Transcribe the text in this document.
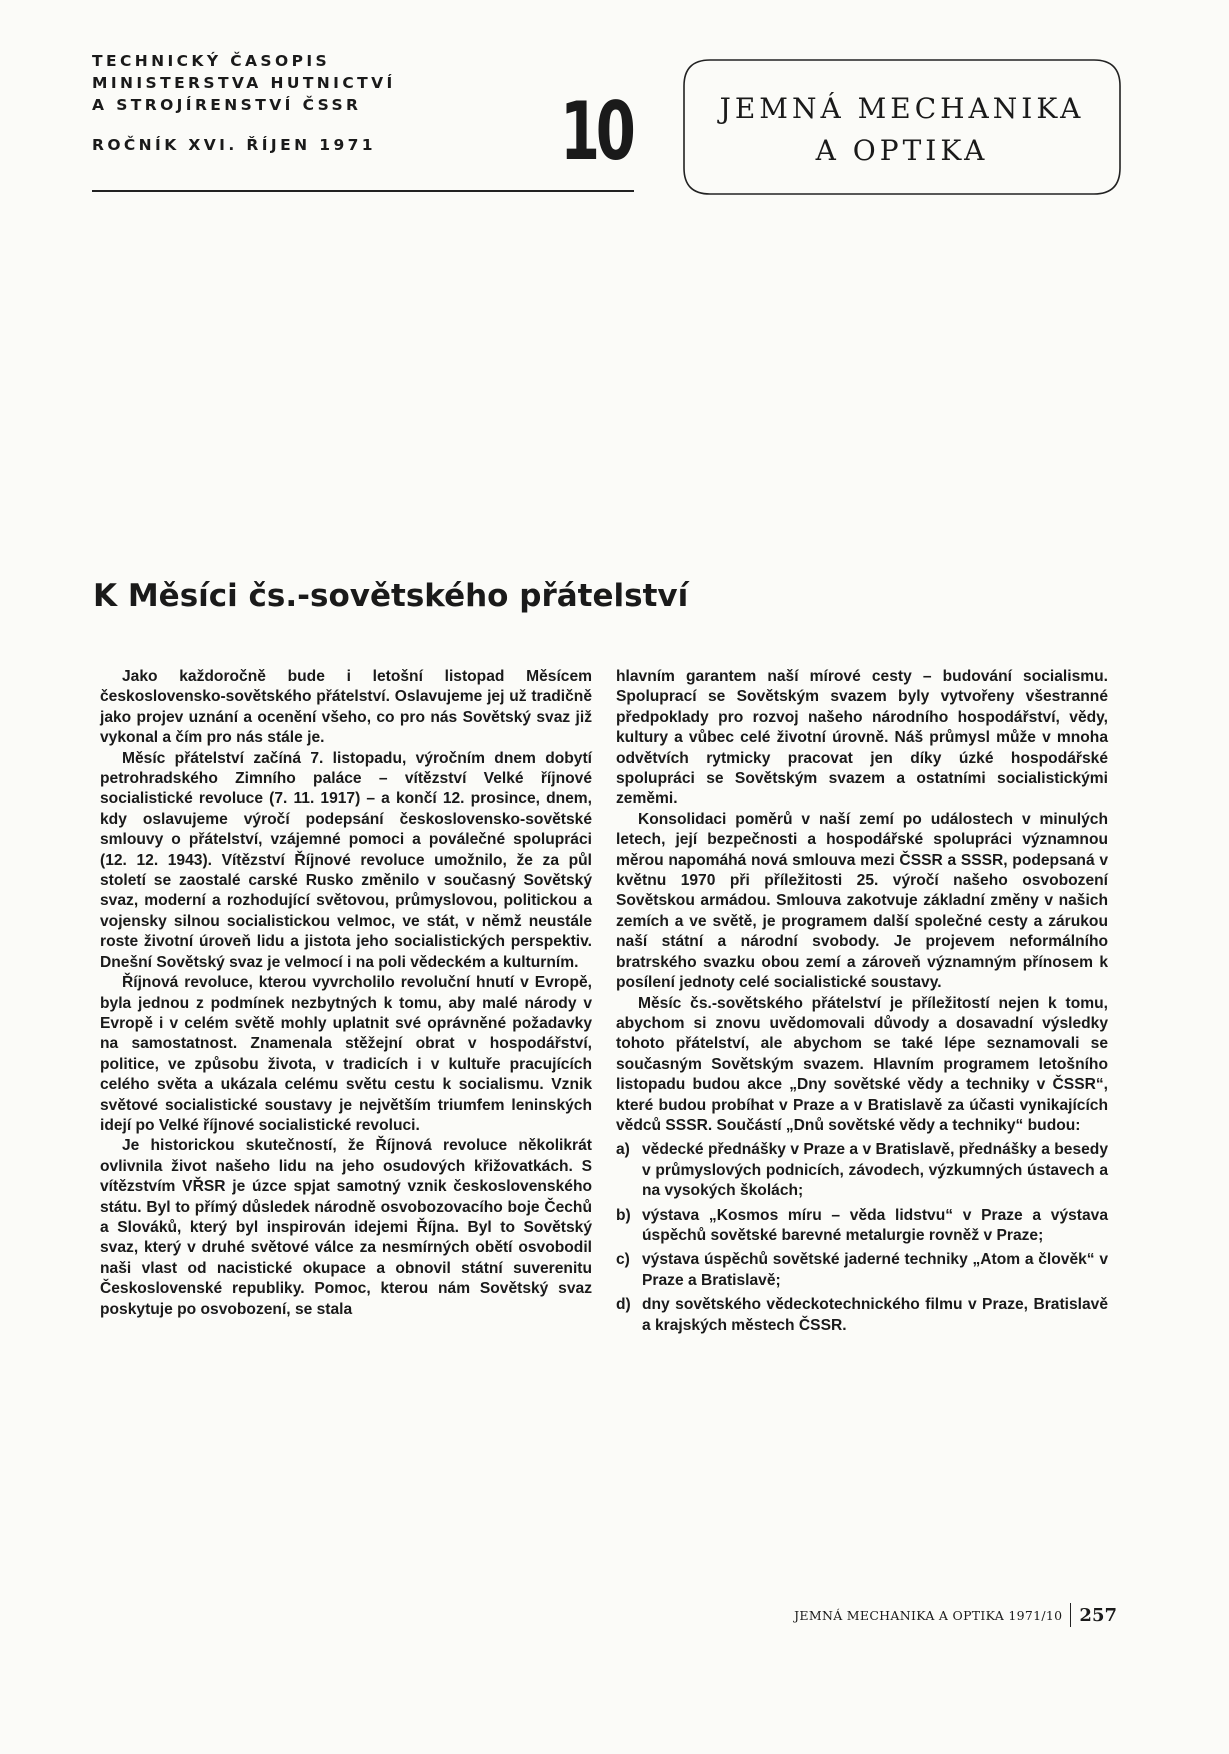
TECHNICKÝ ČASOPIS
MINISTERSTVA HUTNICTVÍ
A STROJÍRENSTVÍ ČSSR
ROČNÍK XVI. ŘÍJEN 1971	10	JEMNÁ MECHANIKA
A OPTIKA
K Měsíci čs.-sovětského přátelství

Jako každoročně bude i letošní listopad Měsícem československo-sovětského přátelství. Oslavujeme jej už tradičně jako projev uznání a ocenění všeho, co pro nás Sovětský svaz již vykonal a čím pro nás stále je.

Měsíc přátelství začíná 7. listopadu, výročním dnem dobytí petrohradského Zimního paláce – vítězství Velké říjnové socialistické revoluce (7. 11. 1917) – a končí 12. prosince, dnem, kdy oslavujeme výročí podepsání československo-sovětské smlouvy o přátelství, vzájemné pomoci a poválečné spolupráci (12. 12. 1943). Vítězství Říjnové revoluce umožnilo, že za půl století se zaostalé carské Rusko změnilo v současný Sovětský svaz, moderní a rozhodující světovou, průmyslovou, politickou a vojensky silnou socialistickou velmoc, ve stát, v němž neustále roste životní úroveň lidu a jistota jeho socialistických perspektiv. Dnešní Sovětský svaz je velmocí i na poli vědeckém a kulturním.

Říjnová revoluce, kterou vyvrcholilo revoluční hnutí v Evropě, byla jednou z podmínek nezbytných k tomu, aby malé národy v Evropě i v celém světě mohly uplatnit své oprávněné požadavky na samostatnost. Znamenala stěžejní obrat v hospodářství, politice, ve způsobu života, v tradicích i v kultuře pracujících celého světa a ukázala celému světu cestu k socialismu. Vznik světové socialistické soustavy je největším triumfem leninských idejí po Velké říjnové socialistické revoluci.

Je historickou skutečností, že Říjnová revoluce několikrát ovlivnila život našeho lidu na jeho osudových křižovatkách. S vítězstvím VŘSR je úzce spjat samotný vznik československého státu. Byl to přímý důsledek národně osvobozovacího boje Čechů a Slováků, který byl inspirován idejemi Října. Byl to Sovětský svaz, který v druhé světové válce za nesmírných obětí osvobodil naši vlast od nacistické okupace a obnovil státní suverenitu Československé republiky. Pomoc, kterou nám Sovětský svaz poskytuje po osvobození, se stala

hlavním garantem naší mírové cesty – budování socialismu. Spoluprací se Sovětským svazem byly vytvořeny všestranné předpoklady pro rozvoj našeho národního hospodářství, vědy, kultury a vůbec celé životní úrovně. Náš průmysl může v mnoha odvětvích rytmicky pracovat jen díky úzké hospodářské spolupráci se Sovětským svazem a ostatními socialistickými zeměmi.

Konsolidaci poměrů v naší zemí po událostech v minulých letech, její bezpečnosti a hospodářské spolupráci významnou měrou napomáhá nová smlouva mezi ČSSR a SSSR, podepsaná v květnu 1970 při příležitosti 25. výročí našeho osvobození Sovětskou armádou. Smlouva zakotvuje základní změny v našich zemích a ve světě, je programem další společné cesty a zárukou naší státní a národní svobody. Je projevem neformálního bratrského svazku obou zemí a zároveň významným přínosem k posílení jednoty celé socialistické soustavy.

Měsíc čs.-sovětského přátelství je příležitostí nejen k tomu, abychom si znovu uvědomovali důvody a dosavadní výsledky tohoto přátelství, ale abychom se také lépe seznamovali se současným Sovětským svazem. Hlavním programem letošního listopadu budou akce „Dny sovětské vědy a techniky v ČSSR“, které budou probíhat v Praze a v Bratislavě za účasti vynikajících vědců SSSR. Součástí „Dnů sovětské vědy a techniky“ budou:

a) vědecké přednášky v Praze a v Bratislavě, přednášky a besedy v průmyslových podnicích, závodech, výzkumných ústavech a na vysokých školách;
b) výstava „Kosmos míru – věda lidstvu“ v Praze a výstava úspěchů sovětské barevné metalurgie rovněž v Praze;
c) výstava úspěchů sovětské jaderné techniky „Atom a člověk“ v Praze a Bratislavě;
d) dny sovětského vědeckotechnického filmu v Praze, Bratislavě a krajských městech ČSSR.
JEMNÁ MECHANIKA A OPTIKA 1971/10 257
